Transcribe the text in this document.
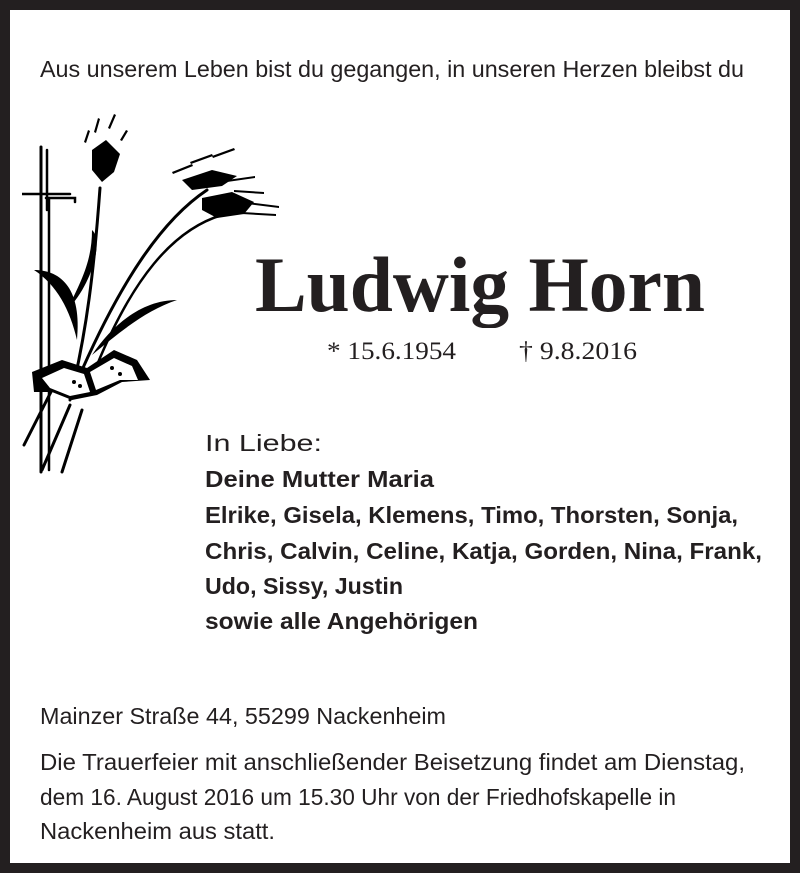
Aus unserem Leben bist du gegangen, in unseren Herzen bleibst du
Ludwig Horn
* 15.6.1954	† 9.8.2016
In Liebe:
Deine Mutter Maria
Elrike, Gisela, Klemens, Timo, Thorsten, Sonja,
Chris, Calvin, Celine, Katja, Gorden, Nina, Frank,
Udo, Sissy, Justin
sowie alle Angehörigen
Mainzer Straße 44, 55299 Nackenheim
Die Trauerfeier mit anschließender Beisetzung findet am Dienstag,
dem 16. August 2016 um 15.30 Uhr von der Friedhofskapelle in
Nackenheim aus statt.
